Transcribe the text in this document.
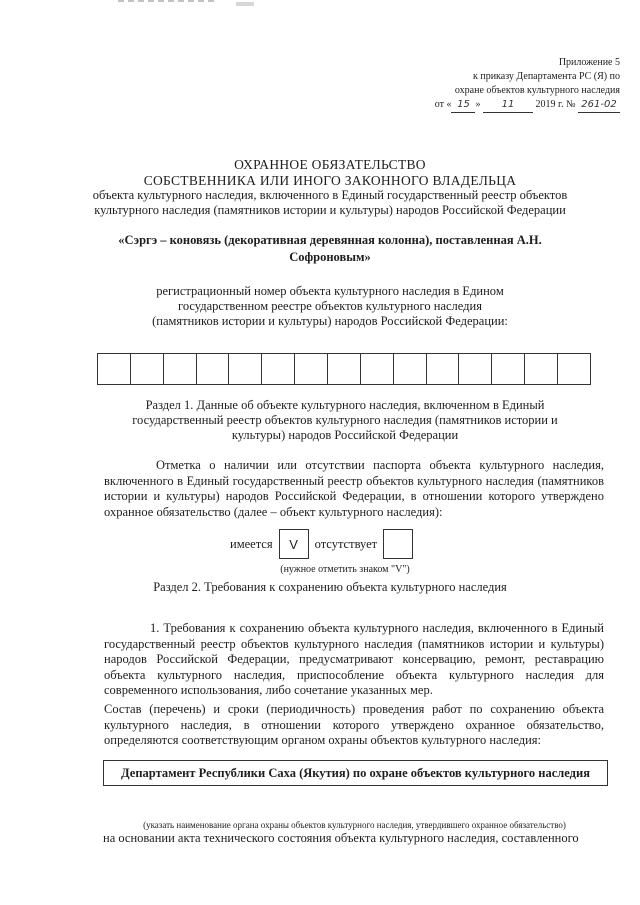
Приложение 5
к приказу Департамента РС (Я) по
охране объектов культурного наследия
от « 15 » 11 2019 г. № 261-02
ОХРАННОЕ ОБЯЗАТЕЛЬСТВО
СОБСТВЕННИКА ИЛИ ИНОГО ЗАКОННОГО ВЛАДЕЛЬЦА
объекта культурного наследия, включенного в Единый государственный реестр объектов
культурного наследия (памятников истории и культуры) народов Российской Федерации
«Сэргэ – коновязь (декоративная деревянная колонна), поставленная А.Н. Софроновым»
регистрационный номер объекта культурного наследия в Едином государственном реестре объектов культурного наследия (памятников истории и культуры) народов Российской Федерации:
Раздел 1. Данные об объекте культурного наследия, включенном в Единый государственный реестр объектов культурного наследия (памятников истории и культуры) народов Российской Федерации
Отметка о наличии или отсутствии паспорта объекта культурного наследия, включенного в Единый государственный реестр объектов культурного наследия (памятников истории и культуры) народов Российской Федерации, в отношении которого утверждено охранное обязательство (далее – объект культурного наследия):
имеется	V	отсутствует
(нужное отметить знаком "V")
Раздел 2. Требования к сохранению объекта культурного наследия
1. Требования к сохранению объекта культурного наследия, включенного в Единый государственный реестр объектов культурного наследия (памятников истории и культуры) народов Российской Федерации, предусматривают консервацию, ремонт, реставрацию объекта культурного наследия, приспособление объекта культурного наследия для современного использования, либо сочетание указанных мер.
Состав (перечень) и сроки (периодичность) проведения работ по сохранению объекта культурного наследия, в отношении которого утверждено охранное обязательство, определяются соответствующим органом охраны объектов культурного наследия:
Департамент Республики Саха (Якутия) по охране объектов культурного наследия
(указать наименование органа охраны объектов культурного наследия, утвердившего охранное обязательство)
на основании акта технического состояния объекта культурного наследия, составленного
